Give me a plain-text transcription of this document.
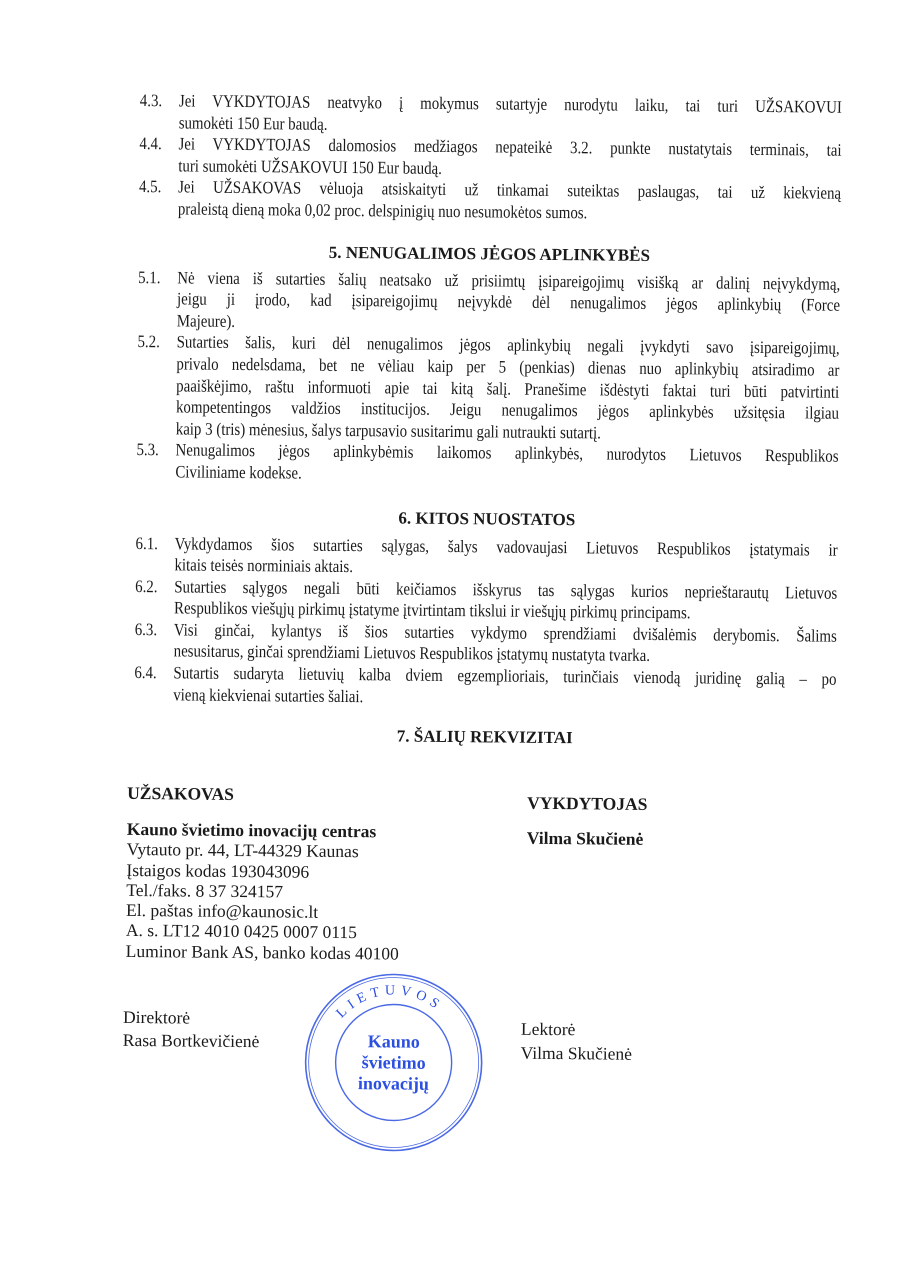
4.3. Jei VYKDYTOJAS neatvyko į mokymus sutartyje nurodytu laiku, tai turi UŽSAKOVUI
sumokėti 150 Eur baudą.
4.4. Jei VYKDYTOJAS dalomosios medžiagos nepateikė 3.2. punkte nustatytais terminais, tai
turi sumokėti UŽSAKOVUI 150 Eur baudą.
4.5. Jei UŽSAKOVAS vėluoja atsiskaityti už tinkamai suteiktas paslaugas, tai už kiekvieną
praleistą dieną moka 0,02 proc. delspinigių nuo nesumokėtos sumos.
5. NENUGALIMOS JĖGOS APLINKYBĖS
5.1. Nė viena iš sutarties šalių neatsako už prisiimtų įsipareigojimų visišką ar dalinį neįvykdymą,
jeigu ji įrodo, kad įsipareigojimų neįvykdė dėl nenugalimos jėgos aplinkybių (Force
Majeure).
5.2. Sutarties šalis, kuri dėl nenugalimos jėgos aplinkybių negali įvykdyti savo įsipareigojimų,
privalo nedelsdama, bet ne vėliau kaip per 5 (penkias) dienas nuo aplinkybių atsiradimo ar
paaiškėjimo, raštu informuoti apie tai kitą šalį. Pranešime išdėstyti faktai turi būti patvirtinti
kompetentingos valdžios institucijos. Jeigu nenugalimos jėgos aplinkybės užsitęsia ilgiau
kaip 3 (tris) mėnesius, šalys tarpusavio susitarimu gali nutraukti sutartį.
5.3. Nenugalimos jėgos aplinkybėmis laikomos aplinkybės, nurodytos Lietuvos Respublikos
Civiliniame kodekse.
6. KITOS NUOSTATOS
6.1. Vykdydamos šios sutarties sąlygas, šalys vadovaujasi Lietuvos Respublikos įstatymais ir
kitais teisės norminiais aktais.
6.2. Sutarties sąlygos negali būti keičiamos išskyrus tas sąlygas kurios neprieštarautų Lietuvos
Respublikos viešųjų pirkimų įstatyme įtvirtintam tikslui ir viešųjų pirkimų principams.
6.3. Visi ginčai, kylantys iš šios sutarties vykdymo sprendžiami dvišalėmis derybomis. Šalims
nesusitarus, ginčai sprendžiami Lietuvos Respublikos įstatymų nustatyta tvarka.
6.4. Sutartis sudaryta lietuvių kalba dviem egzemplioriais, turinčiais vienodą juridinę galią – po
vieną kiekvienai sutarties šaliai.
7. ŠALIŲ REKVIZITAI
UŽSAKOVAS
Kauno švietimo inovacijų centras
Vytauto pr. 44, LT-44329 Kaunas
Įstaigos kodas 193043096
Tel./faks. 8 37 324157
El. paštas info@kaunosic.lt
A. s. LT12 4010 0425 0007 0115
Luminor Bank AS, banko kodas 40100
Direktorė
Rasa Bortkevičienė
VYKDYTOJAS
Vilma Skučienė
Lektorė
Vilma Skučienė
LIETUVOS
Kauno
švietimo
inovacijų
